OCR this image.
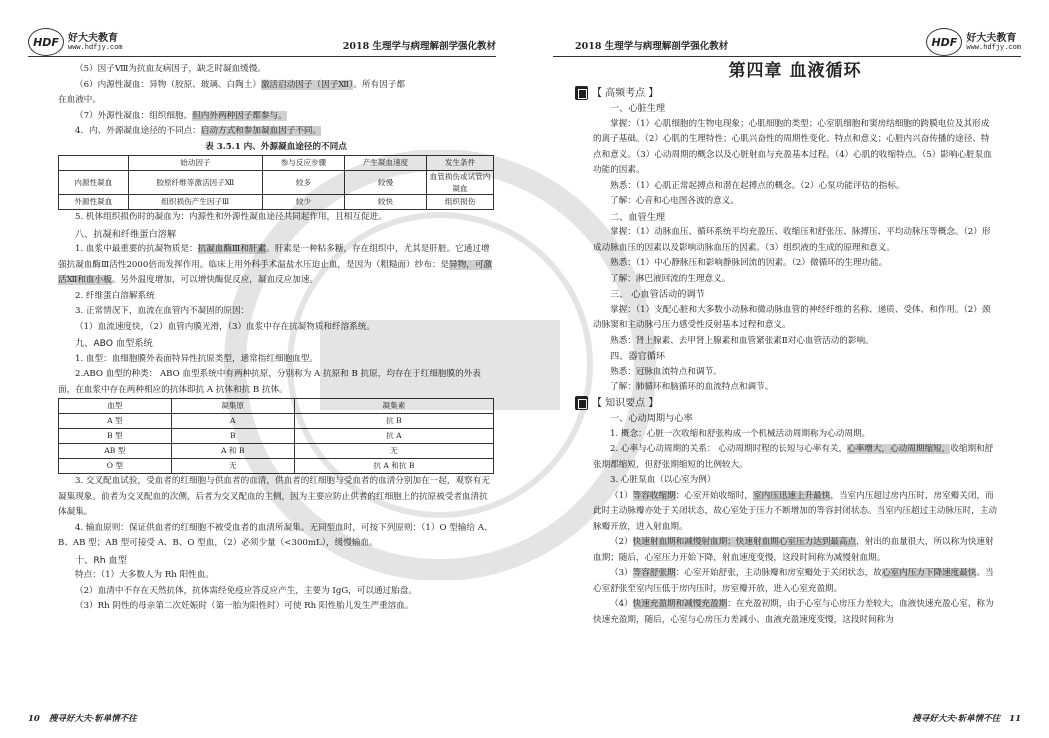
HDF 好大夫教育
www.hdfjy.com	2018 生理学与病理解剖学强化教材

（5）因子Ⅷ为抗血友病因子，缺乏时凝血缓慢。

（6）内源性凝血：异物（胶原、玻璃、白陶土）激活启动因子（因子Ⅻ）。所有因子都

在血液中。

（7）外源性凝血：组织细胞。但内外两种因子都参与。

4．内、外源凝血途径的不同点：启动方式和参加凝血因子不同。

表 3.5.1 内、外源凝血途径的不同点

	始动因子	参与反应步骤	产生凝血速度	发生条件
内源性凝血	胶原纤维等激活因子Ⅻ	较多	较慢	血管损伤或试管内凝血
外源性凝血	组织损伤产生因子Ⅲ	较少	较快	组织损伤

5. 机体组织损伤时的凝血为：内源性和外源性凝血途径共同起作用，且相互促进。

八、抗凝和纤维蛋白溶解

1. 血浆中最重要的抗凝物质是：抗凝血酶Ⅲ和肝素。肝素是一种粘多糖，存在组织中，尤其是肝脏。它通过增强抗凝血酶Ⅲ活性2000倍而发挥作用。临床上用外科手术温盐水压迫止血，是因为（粗糙面）纱布：是异物，可激活Ⅻ和血小板。另外温度增加，可以增快酶促反应，凝血反应加速。

2. 纤维蛋白溶解系统

3. 正常情况下，血流在血管内不凝固的原因：

（1）血流速度快，（2）血管内膜光滑，（3）血浆中存在抗凝物质和纤溶系统。

九、ABO 血型系统

1. 血型：血细胞膜外表面特异性抗原类型，通常指红细胞血型。

2.ABO 血型的种类： ABO 血型系统中有两种抗原，分别称为 A 抗原和 B 抗原，均存在于红细胞膜的外表面，在血浆中存在两种相应的抗体即抗 A 抗体和抗 B 抗体。

血型	凝集原	凝集素
A 型	A	抗 B
B 型	B	抗 A
AB 型	A 和 B	无
O 型	无	抗 A 和抗 B

3. 交叉配血试验，受血者的红细胞与供血者的血清，供血者的红细胞与受血者的血清分别加在一起，观察有无凝集现象。前者为交叉配血的次侧，后者为交叉配血的主侧，因为主要应防止供者的红细胞上的抗原被受者血清抗体凝集。

4. 输血原则：保证供血者的红细胞不被受血者的血清所凝集。无同型血时，可按下列原则：（1）O 型输给 A、B、AB 型；AB 型可接受 A、B、O 型血，（2）必须少量（<300mL），缓慢输血。

十、Rh 血型

特点：（1）大多数人为 Rh 阳性血。

（2）血清中不存在天然抗体，抗体需经免疫应答反应产生，主要为 IgG，可以通过胎盘。

（3）Rh 阴性的母亲第二次妊娠时（第一胎为阳性时）可使 Rh 阳性胎儿发生严重溶血。

10 搜寻好大夫·斩单情不往
2018 生理学与病理解剖学强化教材	HDF 好大夫教育
www.hdfjy.com
第四章 血液循环
【 高频考点 】

一、心脏生理

掌握：（1）心肌细胞的生物电现象；心肌细胞的类型；心室肌细胞和窦房结细胞的跨膜电位及其形成的离子基础。（2）心肌的生理特性；心肌兴奋性的周期性变化、特点和意义；心脏内兴奋传播的途径、特点和意义。（3）心动周期的概念以及心脏射血与充盈基本过程。（4）心肌的收缩特点。（5）影响心脏泵血功能的因素。

熟悉：（1）心肌正常起搏点和潜在起搏点的概念。（2）心泵功能评估的指标。

了解：心音和心电图各波的意义。

二、血管生理

掌握：（1）动脉血压、循环系统平均充盈压、收缩压和舒张压、脉搏压、平均动脉压等概念。（2）形成动脉血压的因素以及影响动脉血压的因素。（3）组织液的生成的原理和意义。

熟悉：（1）中心静脉压和影响静脉回流的因素。（2）微循环的生理功能。

了解：淋巴液回流的生理意义。

三、 心血管活动的调节

掌握：（1）支配心脏和大多数小动脉和微动脉血管的神经纤维的名称、递质、受体、和作用。（2）颈动脉窦和主动脉弓压力感受性反射基本过程和意义。

熟悉：肾上腺素、去甲肾上腺素和血管紧张素Ⅱ对心血管活动的影响。

四、器官循环

熟悉：冠脉血流特点和调节。

了解：肺循环和脑循环的血流特点和调节。

【 知识要点 】

一、心动周期与心率

1. 概念：心脏一次收缩和舒张构成一个机械活动周期称为心动周期。

2. 心率与心动周期的关系： 心动周期时程的长短与心率有关，心率增大，心动周期缩短，收缩期和舒张期都缩短，但舒张期缩短的比例较大。

3. 心脏泵血（以心室为例）

（1）等容收缩期：心室开始收缩时，室内压迅速上升最快，当室内压超过房内压时，房室瓣关闭，而此时主动脉瓣亦处于关闭状态，故心室处于压力不断增加的等容封闭状态。当室内压超过主动脉压时，主动脉瓣开放，进入射血期。

（2）快速射血期和减慢射血期；快速射血期心室压力达到最高点，射出的血量很大，所以称为快速射血期；随后，心室压力开始下降，射血速度变慢，这段时间称为减慢射血期。

（3）等容舒张期：心室开始舒张，主动脉瓣和房室瓣处于关闭状态，故心室内压力下降速度最快。当心室舒张至室内压低于房内压时，房室瓣开放，进入心室充盈期。

（4）快速充盈期和减慢充盈期：在充盈初期，由于心室与心房压力差较大，血液快速充盈心室，称为快速充盈期，随后，心室与心房压力差减小、血液充盈速度变慢，这段时间称为

搜寻好大夫·斩单情不往 11
